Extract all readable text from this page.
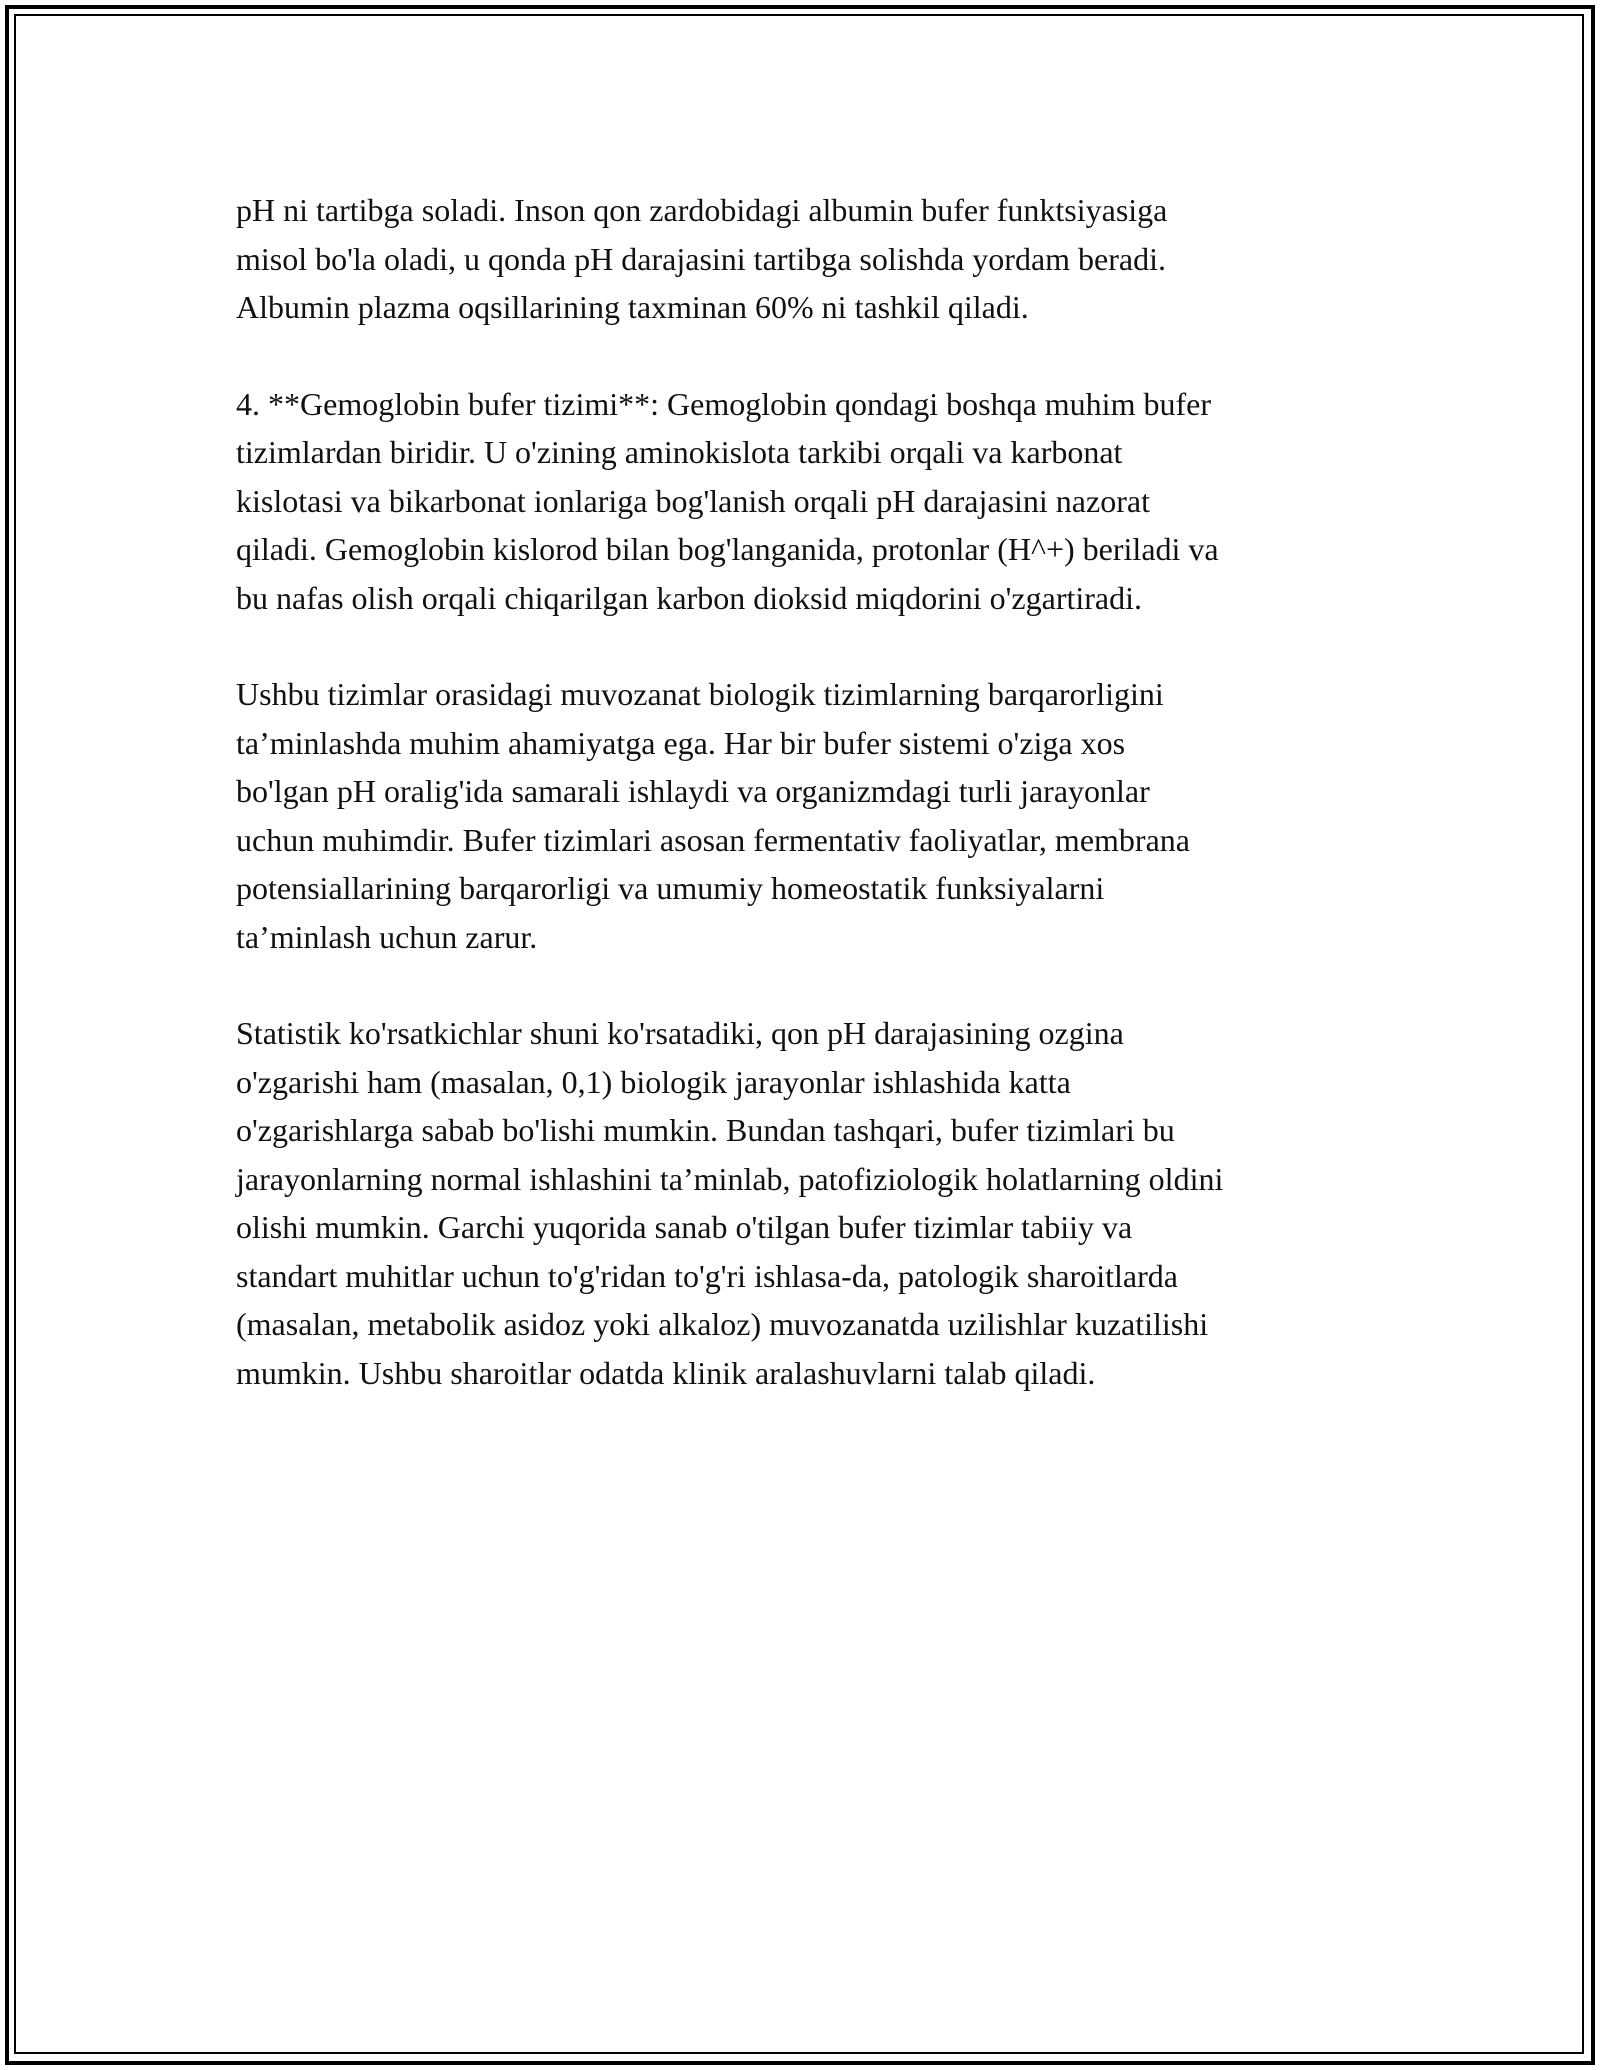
pH ni tartibga soladi. Inson qon zardobidagi albumin bufer funktsiyasiga
misol bo'la oladi, u qonda pH darajasini tartibga solishda yordam beradi.
Albumin plazma oqsillarining taxminan 60% ni tashkil qiladi.

4. **Gemoglobin bufer tizimi**: Gemoglobin qondagi boshqa muhim bufer
tizimlardan biridir. U o'zining aminokislota tarkibi orqali va karbonat
kislotasi va bikarbonat ionlariga bog'lanish orqali pH darajasini nazorat
qiladi. Gemoglobin kislorod bilan bog'langanida, protonlar (H^+) beriladi va
bu nafas olish orqali chiqarilgan karbon dioksid miqdorini o'zgartiradi.

Ushbu tizimlar orasidagi muvozanat biologik tizimlarning barqarorligini
ta’minlashda muhim ahamiyatga ega. Har bir bufer sistemi o'ziga xos
bo'lgan pH oralig'ida samarali ishlaydi va organizmdagi turli jarayonlar
uchun muhimdir. Bufer tizimlari asosan fermentativ faoliyatlar, membrana
potensiallarining barqarorligi va umumiy homeostatik funksiyalarni
ta’minlash uchun zarur.

Statistik ko'rsatkichlar shuni ko'rsatadiki, qon pH darajasining ozgina
o'zgarishi ham (masalan, 0,1) biologik jarayonlar ishlashida katta
o'zgarishlarga sabab bo'lishi mumkin. Bundan tashqari, bufer tizimlari bu
jarayonlarning normal ishlashini ta’minlab, patofiziologik holatlarning oldini
olishi mumkin. Garchi yuqorida sanab o'tilgan bufer tizimlar tabiiy va
standart muhitlar uchun to'g'ridan to'g'ri ishlasa-da, patologik sharoitlarda
(masalan, metabolik asidoz yoki alkaloz) muvozanatda uzilishlar kuzatilishi
mumkin. Ushbu sharoitlar odatda klinik aralashuvlarni talab qiladi.
